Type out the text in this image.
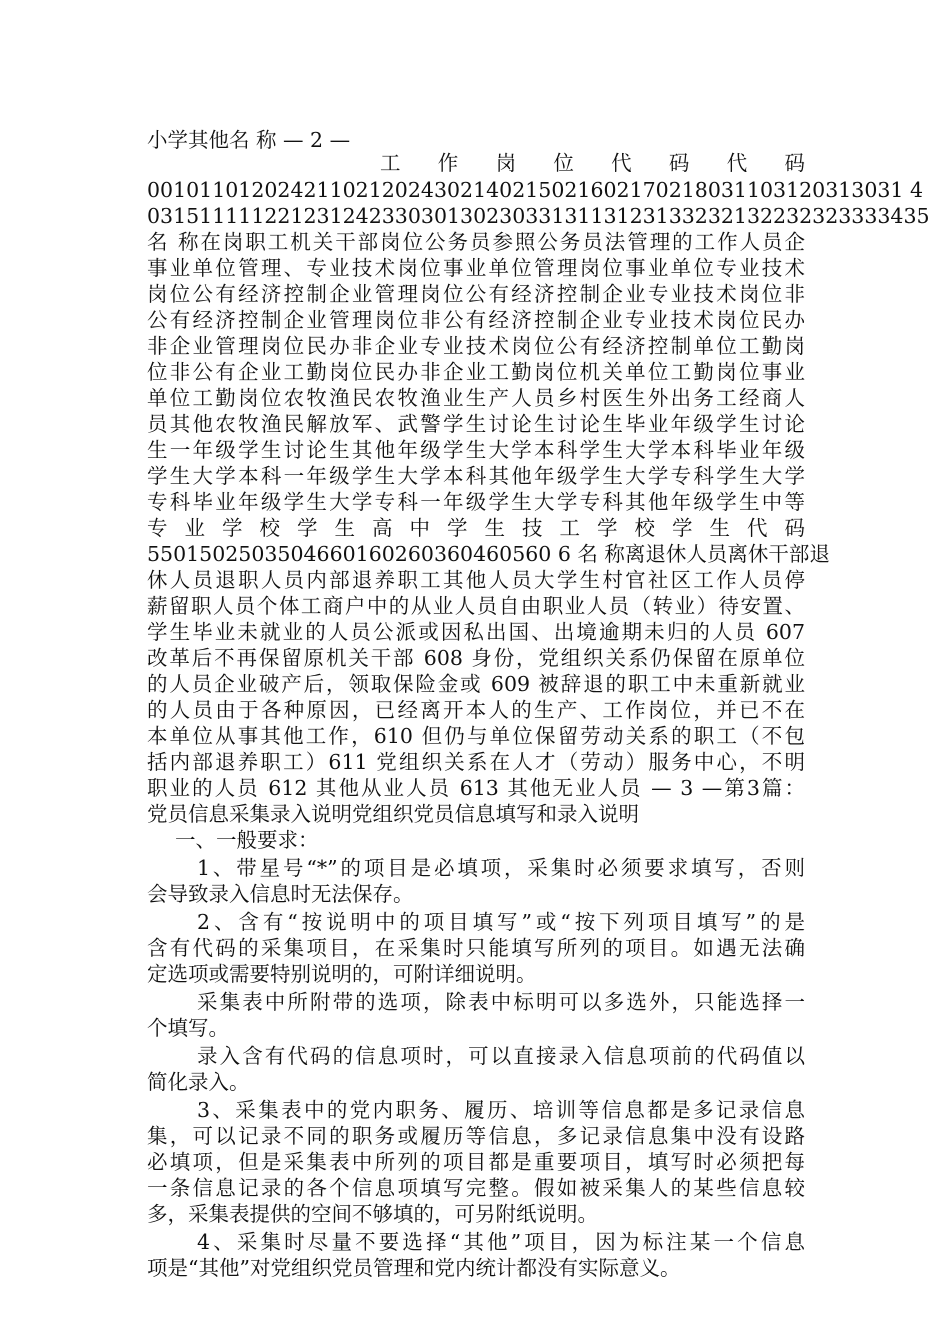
小学其他名 称 — 2 —
工 作 岗 位 代 码 代 码
0010110120242110212024302140215021602170218031103120313031 4
031511111221231242330301302303313113123133232132232323333435
名 称在岗职工机关干部岗位公务员参照公务员法管理的工作人员企
事业单位管理、专业技术岗位事业单位管理岗位事业单位专业技术
岗位公有经济控制企业管理岗位公有经济控制企业专业技术岗位非
公有经济控制企业管理岗位非公有经济控制企业专业技术岗位民办
非企业管理岗位民办非企业专业技术岗位公有经济控制单位工勤岗
位非公有企业工勤岗位民办非企业工勤岗位机关单位工勤岗位事业
单位工勤岗位农牧渔民农牧渔业生产人员乡村医生外出务工经商人
员其他农牧渔民解放军、武警学生讨论生讨论生毕业年级学生讨论
生一年级学生讨论生其他年级学生大学本科学生大学本科毕业年级
学生大学本科一年级学生大学本科其他年级学生大学专科学生大学
专科毕业年级学生大学专科一年级学生大学专科其他年级学生中等
专 业 学 校 学 生 高 中 学 生 技 工 学 校 学 生 代 码
5501502503504660160260360460560 6 名 称离退休人员离休干部退
休人员退职人员内部退养职工其他人员大学生村官社区工作人员停
薪留职人员个体工商户中的从业人员自由职业人员（转业）待安置、
学生毕业未就业的人员公派或因私出国、出境逾期未归的人员 607
改革后不再保留原机关干部 608 身份，党组织关系仍保留在原单位
的人员企业破产后，领取保险金或 609 被辞退的职工中未重新就业
的人员由于各种原因，已经离开本人的生产、工作岗位，并已不在
本单位从事其他工作，610 但仍与单位保留劳动关系的职工（不包
括内部退养职工）611 党组织关系在人才（劳动）服务中心，不明
职业的人员 612 其他从业人员 613 其他无业人员 — 3 —第3篇：
党员信息采集录入说明党组织党员信息填写和录入说明
一、一般要求：
1、带星号“*”的项目是必填项，采集时必须要求填写，否则
会导致录入信息时无法保存。
2、含有“按说明中的项目填写”或“按下列项目填写”的是
含有代码的采集项目，在采集时只能填写所列的项目。如遇无法确
定选项或需要特别说明的，可附详细说明。
采集表中所附带的选项，除表中标明可以多选外，只能选择一
个填写。
录入含有代码的信息项时，可以直接录入信息项前的代码值以
简化录入。
3、采集表中的党内职务、履历、培训等信息都是多记录信息
集，可以记录不同的职务或履历等信息，多记录信息集中没有设路
必填项，但是采集表中所列的项目都是重要项目，填写时必须把每
一条信息记录的各个信息项填写完整。假如被采集人的某些信息较
多，采集表提供的空间不够填的，可另附纸说明。
4、采集时尽量不要选择“其他”项目，因为标注某一个信息
项是“其他”对党组织党员管理和党内统计都没有实际意义。
